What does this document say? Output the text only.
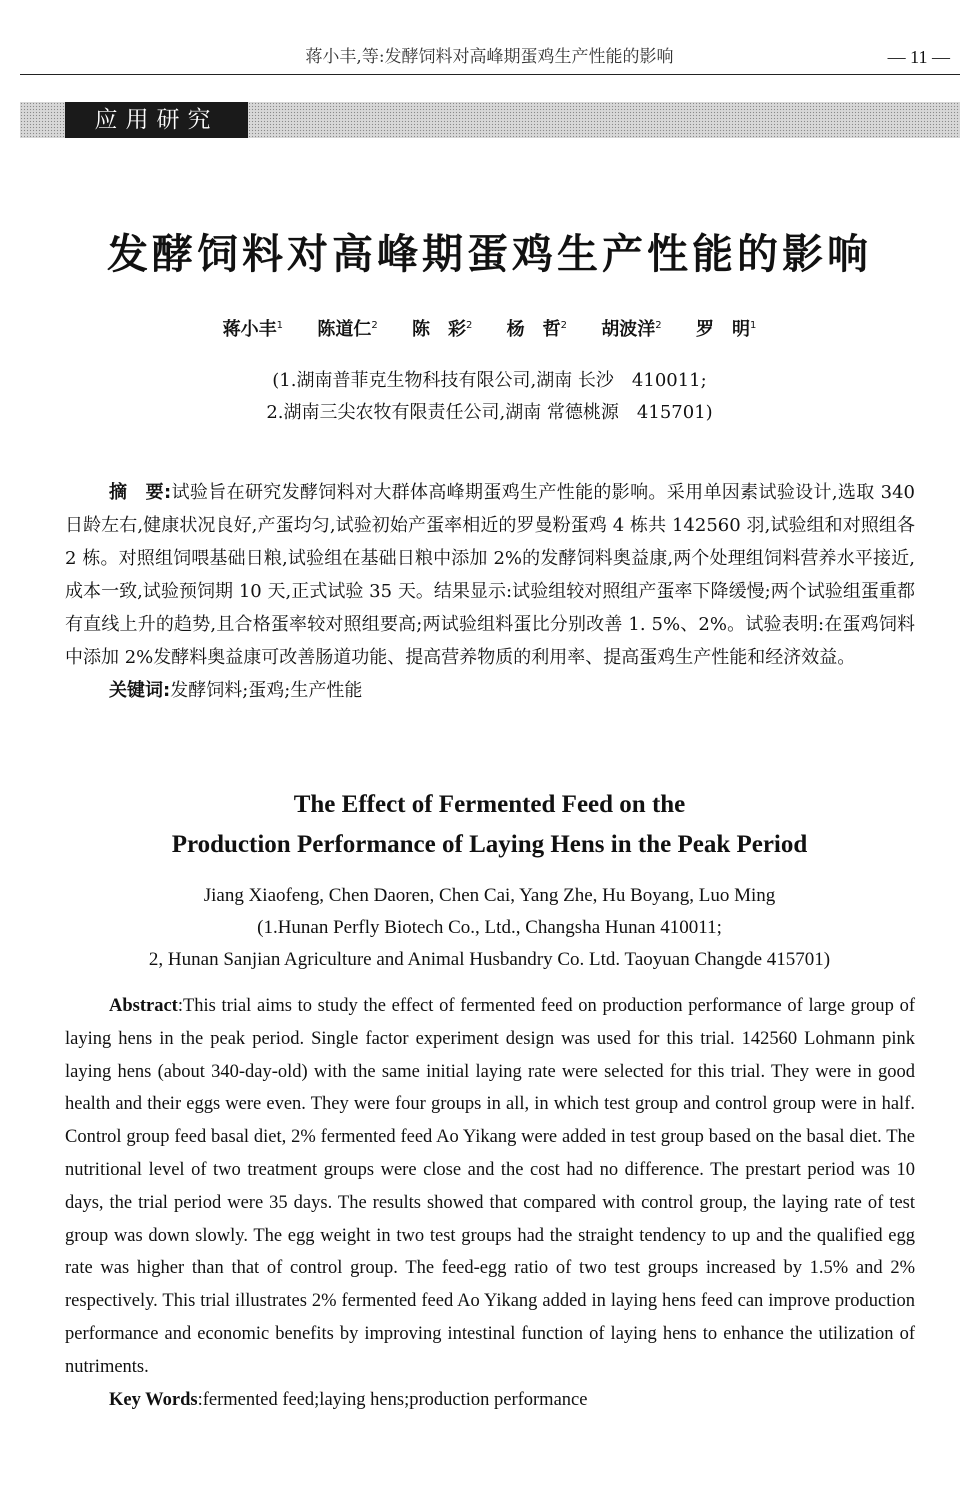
蒋小丰,等:发酵饲料对高峰期蛋鸡生产性能的影响	— 11 —
应用研究
发酵饲料对高峰期蛋鸡生产性能的影响
蒋小丰$^1$ 陈道仁$^2$ 陈　彩$^2$ 杨　哲$^2$ 胡波洋$^2$ 罗　明$^1$
(1.湖南普菲克生物科技有限公司,湖南 长沙　410011;
2.湖南三尖农牧有限责任公司,湖南 常德桃源　415701)

摘　要:试验旨在研究发酵饲料对大群体高峰期蛋鸡生产性能的影响。采用单因素试验设计,选取 340 日龄左右,健康状况良好,产蛋均匀,试验初始产蛋率相近的罗曼粉蛋鸡 4 栋共 142560 羽,试验组和对照组各 2 栋。对照组饲喂基础日粮,试验组在基础日粮中添加 2%的发酵饲料奥益康,两个处理组饲料营养水平接近,成本一致,试验预饲期 10 天,正式试验 35 天。结果显示:试验组较对照组产蛋率下降缓慢;两个试验组蛋重都有直线上升的趋势,且合格蛋率较对照组要高;两试验组料蛋比分别改善 1. 5%、2%。试验表明:在蛋鸡饲料中添加 2%发酵料奥益康可改善肠道功能、提高营养物质的利用率、提高蛋鸡生产性能和经济效益。

关键词:发酵饲料;蛋鸡;生产性能

The Effect of Fermented Feed on the
Production Performance of Laying Hens in the Peak Period
Jiang Xiaofeng, Chen Daoren, Chen Cai, Yang Zhe, Hu Boyang, Luo Ming
(1.Hunan Perfly Biotech Co., Ltd., Changsha Hunan 410011;
2, Hunan Sanjian Agriculture and Animal Husbandry Co. Ltd. Taoyuan Changde 415701)

Abstract:This trial aims to study the effect of fermented feed on production performance of large group of laying hens in the peak period. Single factor experiment design was used for this trial. 142560 Lohmann pink laying hens (about 340-day-old) with the same initial laying rate were selected for this trial. They were in good health and their eggs were even. They were four groups in all, in which test group and control group were in half. Control group feed basal diet, 2% fermented feed Ao Yikang were added in test group based on the basal diet. The nutritional level of two treatment groups were close and the cost had no difference. The prestart period was 10 days, the trial period were 35 days. The results showed that compared with control group, the laying rate of test group was down slowly. The egg weight in two test groups had the straight tendency to up and the qualified egg rate was higher than that of control group. The feed-egg ratio of two test groups increased by 1.5% and 2% respectively. This trial illustrates 2% fermented feed Ao Yikang added in laying hens feed can improve production performance and economic benefits by improving intestinal function of laying hens to enhance the utilization of nutriments.

Key Words:fermented feed;laying hens;production performance
